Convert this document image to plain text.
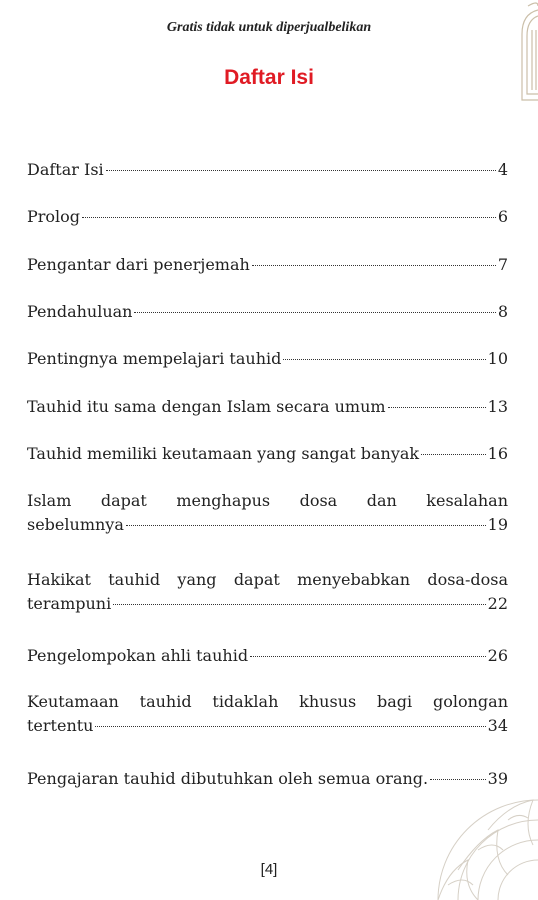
Gratis tidak untuk diperjualbelikan
Daftar Isi
Daftar Isi	4
Prolog	6
Pengantar dari penerjemah	7
Pendahuluan	8
Pentingnya mempelajari tauhid	10
Tauhid itu sama dengan Islam secara umum	13
Tauhid memiliki keutamaan yang sangat banyak	16
Islam dapat menghapus dosa dan kesalahan
sebelumnya	19
Hakikat tauhid yang dapat menyebabkan dosa-dosa
terampuni	22
Pengelompokan ahli tauhid	26
Keutamaan tauhid tidaklah khusus bagi golongan
tertentu	34
Pengajaran tauhid dibutuhkan oleh semua orang.	39
[4]
